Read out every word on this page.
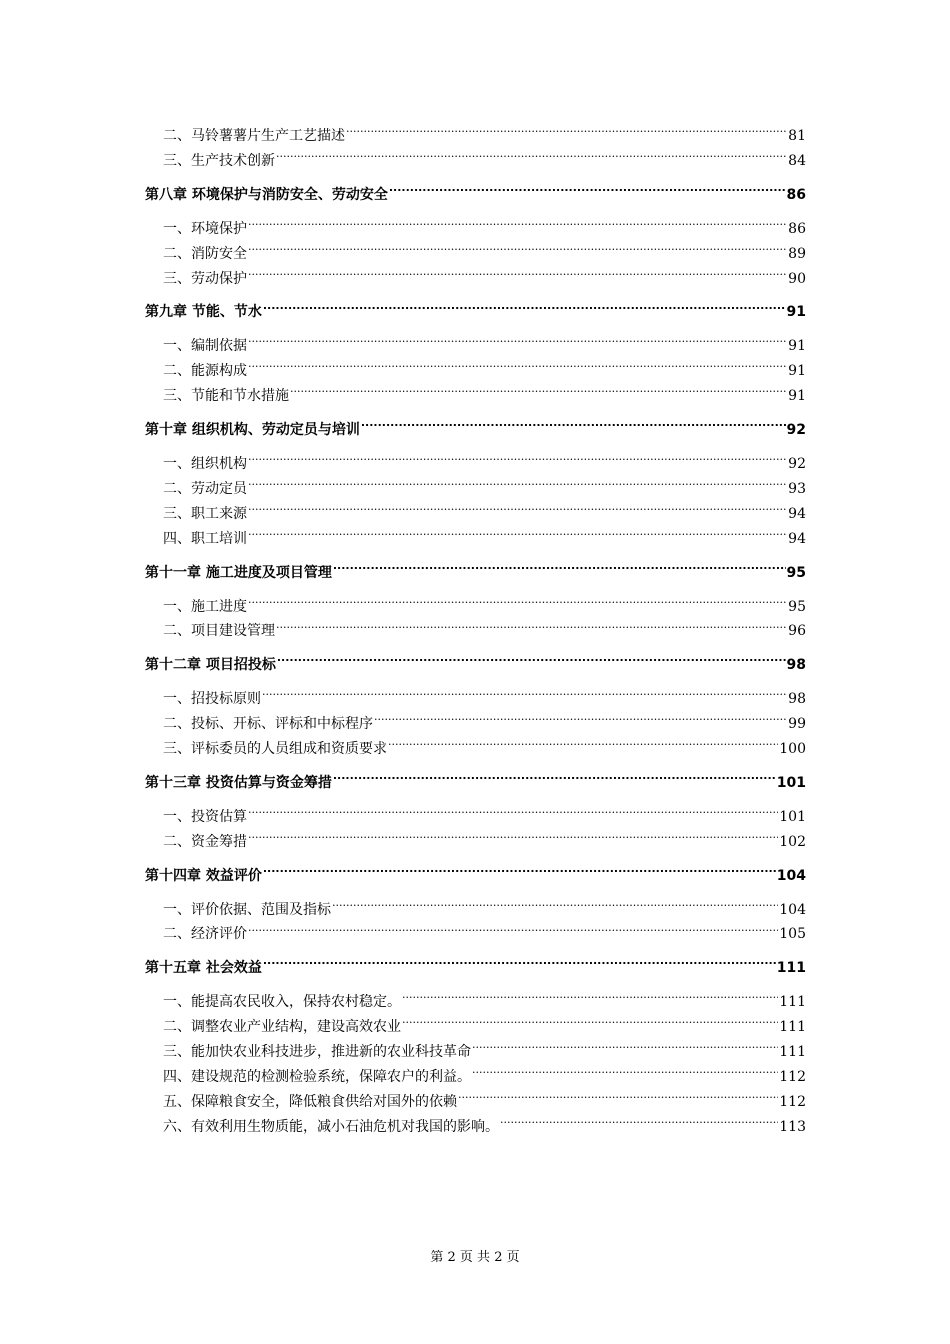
二、马铃薯薯片生产工艺描述 .....	81
三、生产技术创新 .....	84
第八章 环境保护与消防安全、劳动安全 .....	86
一、环境保护 .....	86
二、消防安全 .....	89
三、劳动保护 .....	90
第九章 节能、节水 .....	91
一、编制依据 .....	91
二、能源构成 .....	91
三、节能和节水措施 .....	91
第十章 组织机构、劳动定员与培训 .....	92
一、组织机构 .....	92
二、劳动定员 .....	93
三、职工来源 .....	94
四、职工培训 .....	94
第十一章 施工进度及项目管理 .....	95
一、施工进度 .....	95
二、项目建设管理 .....	96
第十二章 项目招投标 .....	98
一、招投标原则 .....	98
二、投标、开标、评标和中标程序 .....	99
三、评标委员的人员组成和资质要求 .....	100
第十三章 投资估算与资金筹措 .....	101
一、投资估算 .....	101
二、资金筹措 .....	102
第十四章 效益评价 .....	104
一、评价依据、范围及指标 .....	104
二、经济评价 .....	105
第十五章 社会效益 .....	111
一、能提高农民收入，保持农村稳定。 .....	111
二、调整农业产业结构，建设高效农业 .....	111
三、能加快农业科技进步，推进新的农业科技革命 .....	111
四、建设规范的检测检验系统，保障农户的利益。 .....	112
五、保障粮食安全，降低粮食供给对国外的依赖 .....	112
六、有效利用生物质能，减小石油危机对我国的影响。 .....	113
第 2 页 共 2 页
